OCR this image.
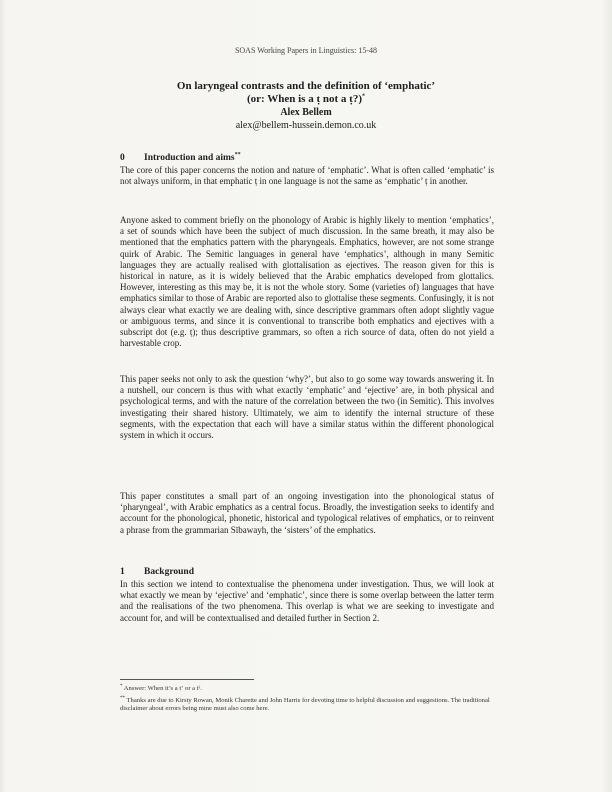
SOAS Working Papers in Linguistics: 15-48

On laryngeal contrasts and the definition of ‘emphatic’

(or: When is a ṭ not a ṭ?)*

Alex Bellem

alex@bellem-hussein.demon.co.uk

0 Introduction and aims**

The core of this paper concerns the notion and nature of ‘emphatic’. What is often called ‘emphatic’ is not always uniform, in that emphatic ṭ in one language is not the same as ‘emphatic’ ṭ in another.

Anyone asked to comment briefly on the phonology of Arabic is highly likely to mention ‘emphatics’, a set of sounds which have been the subject of much discussion. In the same breath, it may also be mentioned that the emphatics pattern with the pharyngeals. Emphatics, however, are not some strange quirk of Arabic. The Semitic languages in general have ‘emphatics’, although in many Semitic languages they are actually realised with glottalisation as ejectives. The reason given for this is historical in nature, as it is widely believed that the Arabic emphatics developed from glottalics. However, interesting as this may be, it is not the whole story. Some (varieties of) languages that have emphatics similar to those of Arabic are reported also to glottalise these segments. Confusingly, it is not always clear what exactly we are dealing with, since descriptive grammars often adopt slightly vague or ambiguous terms, and since it is conventional to transcribe both emphatics and ejectives with a subscript dot (e.g. ṭ); thus descriptive grammars, so often a rich source of data, often do not yield a harvestable crop.

This paper seeks not only to ask the question ‘why?’, but also to go some way towards answering it. In a nutshell, our concern is thus with what exactly ‘emphatic’ and ‘ejective’ are, in both physical and psychological terms, and with the nature of the correlation between the two (in Semitic). This involves investigating their shared history. Ultimately, we aim to identify the internal structure of these segments, with the expectation that each will have a similar status within the different phonological system in which it occurs.

This paper constitutes a small part of an ongoing investigation into the phonological status of ‘pharyngeal’, with Arabic emphatics as a central focus. Broadly, the investigation seeks to identify and account for the phonological, phonetic, historical and typological relatives of emphatics, or to reinvent a phrase from the grammarian Sībawayh, the ‘sisters’ of the emphatics.

1 Background

In this section we intend to contextualise the phenomena under investigation. Thus, we will look at what exactly we mean by ‘ejective’ and ‘emphatic’, since there is some overlap between the latter term and the realisations of the two phenomena. This overlap is what we are seeking to investigate and account for, and will be contextualised and detailed further in Section 2.

* Answer: When it’s a tʼ or a tˤ.

** Thanks are due to Kirsty Rowan, Monik Charette and John Harris for devoting time to helpful discussion and suggestions. The traditional disclaimer about errors being mine must also come here.
